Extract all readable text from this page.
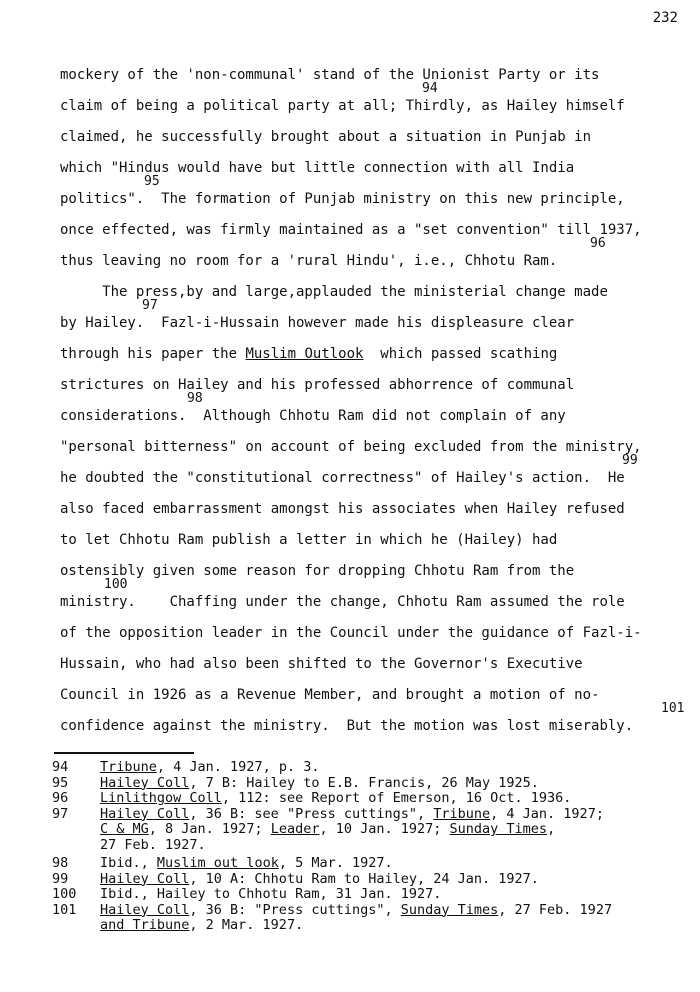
232
mockery of the 'non-communal' stand of the Unionist Party or its
claim of being a political party at all; Thirdly, as Hailey himself
94
claimed, he successfully brought about a situation in Punjab in
which "Hindus would have but little connection with all India
politics".  The formation of Punjab ministry on this new principle,
95
once effected, was firmly maintained as a "set convention" till 1937,
thus leaving no room for a 'rural Hindu', i.e., Chhotu Ram.
96
The press,by and large,applauded the ministerial change made
by Hailey.  Fazl-i-Hussain however made his displeasure clear
97
through his paper the Muslim Outlook  which passed scathing
strictures on Hailey and his professed abhorrence of communal
considerations.  Although Chhotu Ram did not complain of any
98
"personal bitterness" on account of being excluded from the ministry,
he doubted the "constitutional correctness" of Hailey's action.  He
99
also faced embarrassment amongst his associates when Hailey refused
to let Chhotu Ram publish a letter in which he (Hailey) had
ostensibly given some reason for dropping Chhotu Ram from the
ministry.    Chaffing under the change, Chhotu Ram assumed the role
100
of the opposition leader in the Council under the guidance of Fazl-i-
Hussain, who had also been shifted to the Governor's Executive
Council in 1926 as a Revenue Member, and brought a motion of no-
confidence against the ministry.  But the motion was lost miserably.
101
94	Tribune, 4 Jan. 1927, p. 3.
95	Hailey Coll, 7 B: Hailey to E.B. Francis, 26 May 1925.
96	Linlithgow Coll, 112: see Report of Emerson, 16 Oct. 1936.
97	Hailey Coll, 36 B: see "Press cuttings", Tribune, 4 Jan. 1927;
C & MG, 8 Jan. 1927; Leader, 10 Jan. 1927; Sunday Times,
27 Feb. 1927.
98	Ibid., Muslim out look, 5 Mar. 1927.
99	Hailey Coll, 10 A: Chhotu Ram to Hailey, 24 Jan. 1927.
100	Ibid., Hailey to Chhotu Ram, 31 Jan. 1927.
101	Hailey Coll, 36 B: "Press cuttings", Sunday Times, 27 Feb. 1927
and Tribune, 2 Mar. 1927.
